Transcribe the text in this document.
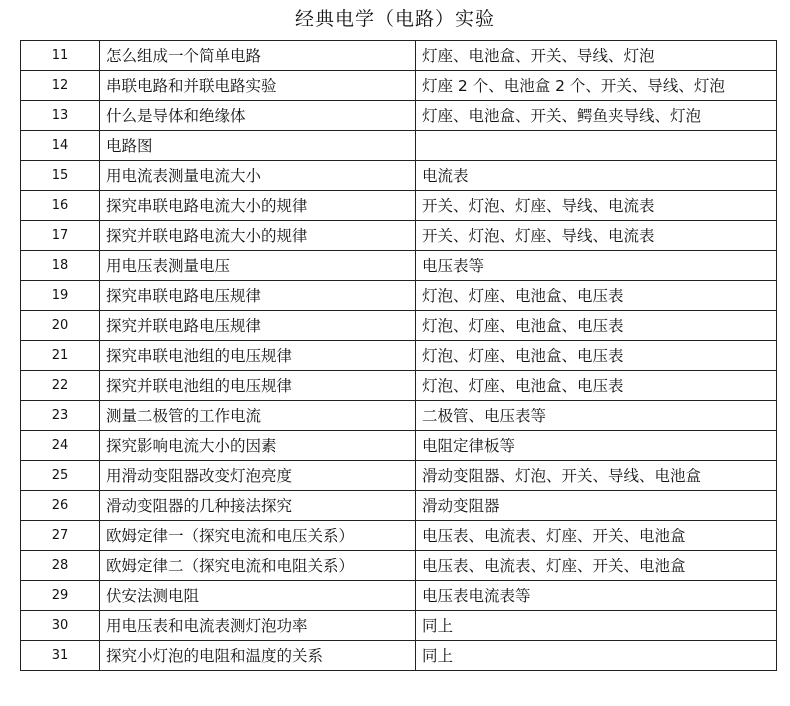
经典电学（电路）实验
11	怎么组成一个简单电路	灯座、电池盒、开关、导线、灯泡
12	串联电路和并联电路实验	灯座 2 个、电池盒 2 个、开关、导线、灯泡
13	什么是导体和绝缘体	灯座、电池盒、开关、鳄鱼夹导线、灯泡
14	电路图	
15	用电流表测量电流大小	电流表
16	探究串联电路电流大小的规律	开关、灯泡、灯座、导线、电流表
17	探究并联电路电流大小的规律	开关、灯泡、灯座、导线、电流表
18	用电压表测量电压	电压表等
19	探究串联电路电压规律	灯泡、灯座、电池盒、电压表
20	探究并联电路电压规律	灯泡、灯座、电池盒、电压表
21	探究串联电池组的电压规律	灯泡、灯座、电池盒、电压表
22	探究并联电池组的电压规律	灯泡、灯座、电池盒、电压表
23	测量二极管的工作电流	二极管、电压表等
24	探究影响电流大小的因素	电阻定律板等
25	用滑动变阻器改变灯泡亮度	滑动变阻器、灯泡、开关、导线、电池盒
26	滑动变阻器的几种接法探究	滑动变阻器
27	欧姆定律一（探究电流和电压关系）	电压表、电流表、灯座、开关、电池盒
28	欧姆定律二（探究电流和电阻关系）	电压表、电流表、灯座、开关、电池盒
29	伏安法测电阻	电压表电流表等
30	用电压表和电流表测灯泡功率	同上
31	探究小灯泡的电阻和温度的关系	同上
